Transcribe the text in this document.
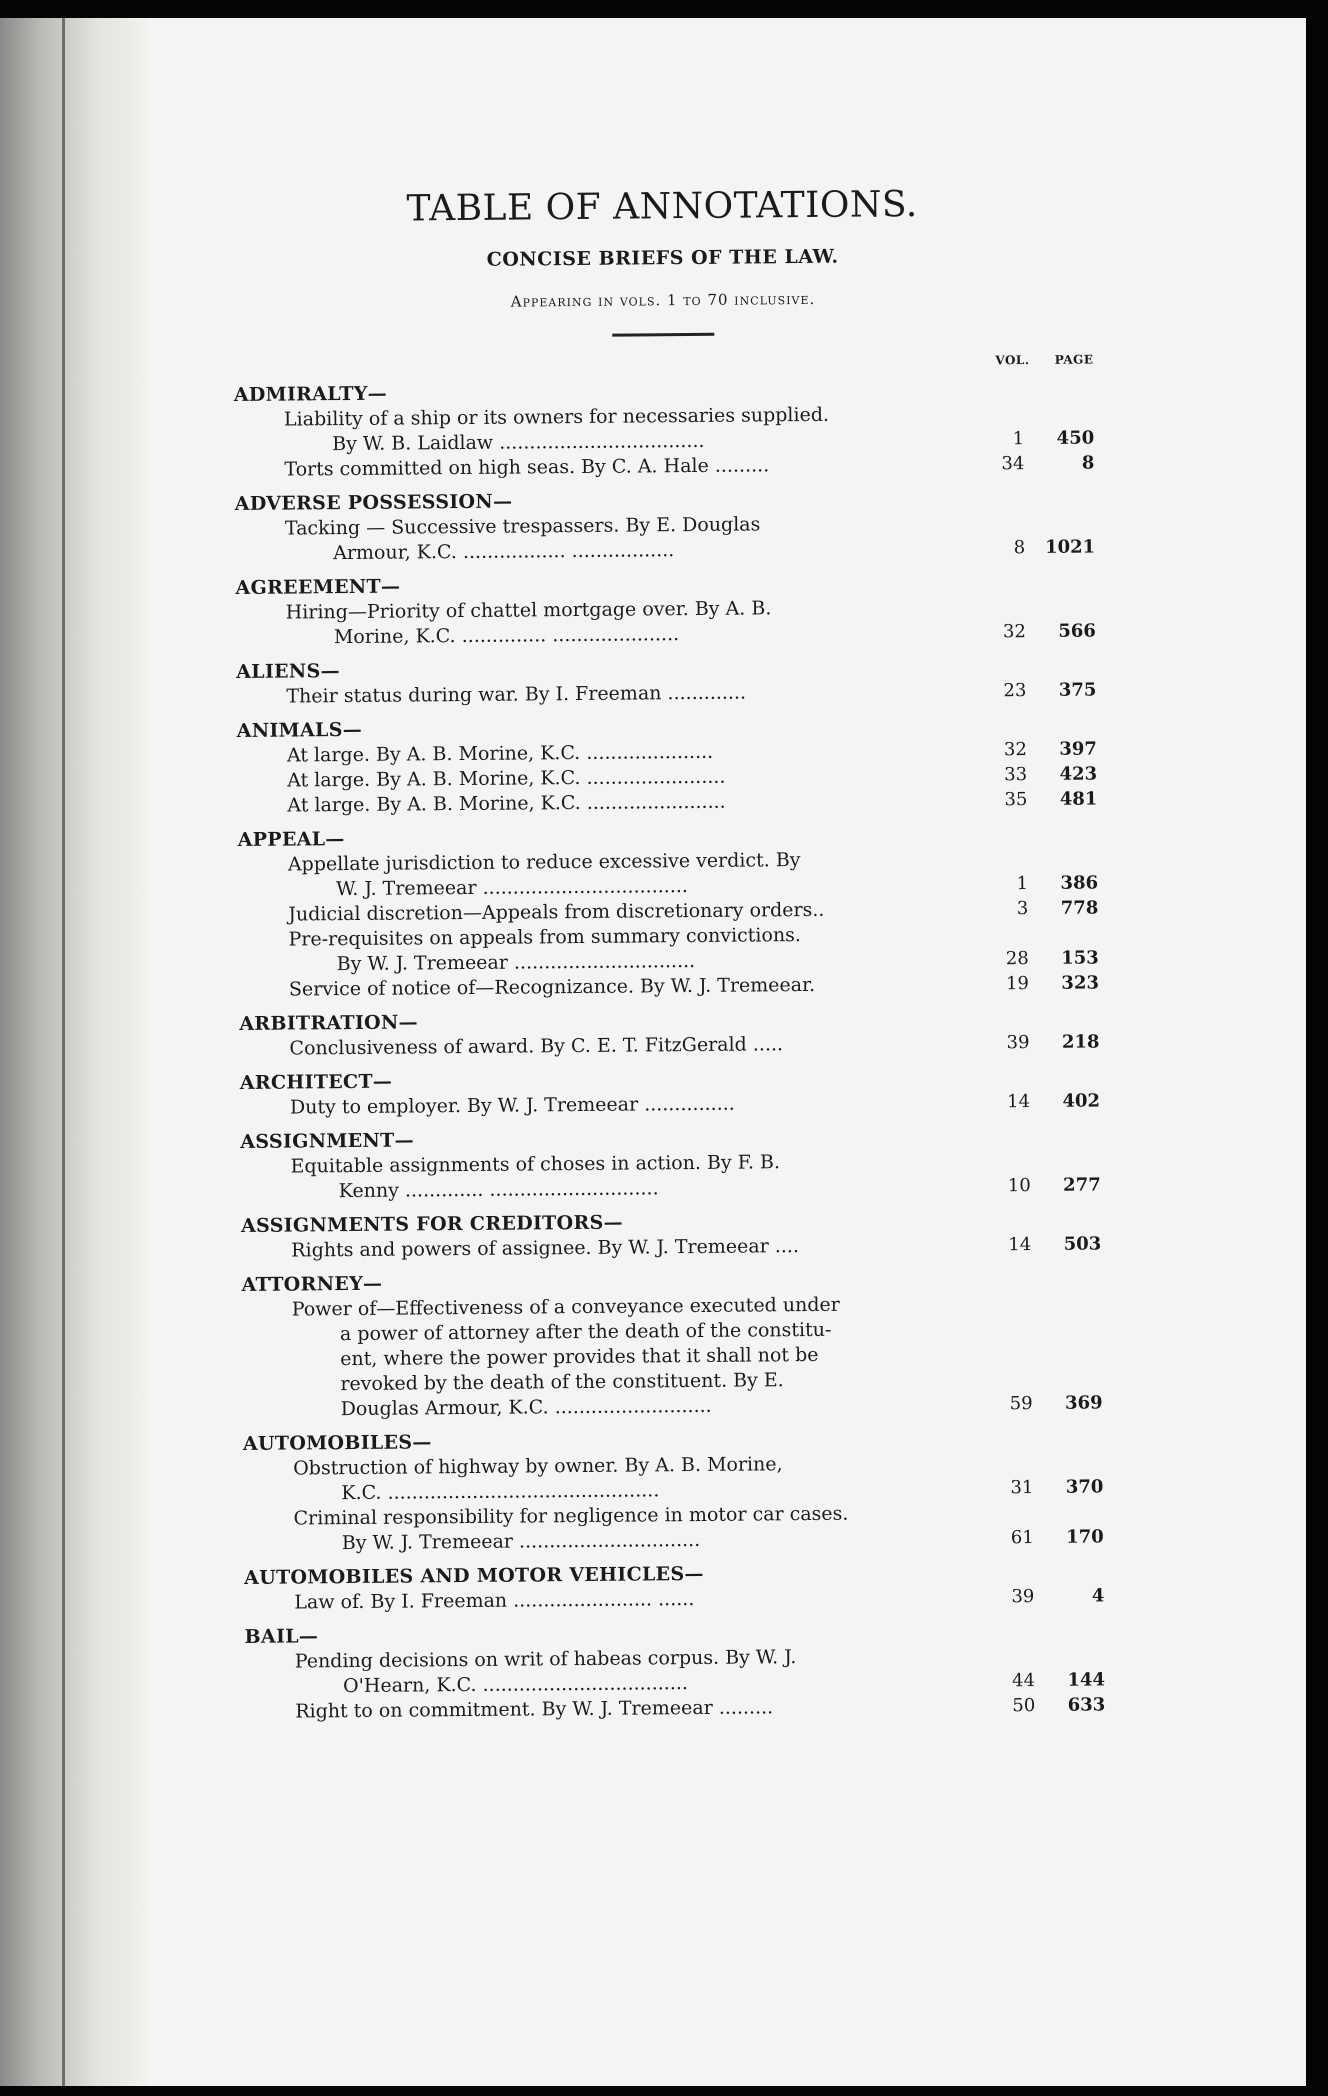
TABLE OF ANNOTATIONS.
CONCISE BRIEFS OF THE LAW.
Appearing in vols. 1 to 70 inclusive.
VOL.	PAGE
ADMIRALTY—
Liability of a ship or its owners for necessaries supplied.
By W. B. Laidlaw ..................................	1	450
Torts committed on high seas. By C. A. Hale .........	34	8
ADVERSE POSSESSION—
Tacking — Successive trespassers. By E. Douglas
Armour, K.C. ................. .................	8	1021
AGREEMENT—
Hiring—Priority of chattel mortgage over. By A. B.
Morine, K.C. .............. .....................	32	566
ALIENS—
Their status during war. By I. Freeman .............	23	375
ANIMALS—
At large. By A. B. Morine, K.C. .....................	32	397
At large. By A. B. Morine, K.C. .......................	33	423
At large. By A. B. Morine, K.C. .......................	35	481
APPEAL—
Appellate jurisdiction to reduce excessive verdict. By
W. J. Tremeear ..................................	1	386
Judicial discretion—Appeals from discretionary orders..	3	778
Pre-requisites on appeals from summary convictions.
By W. J. Tremeear ..............................	28	153
Service of notice of—Recognizance. By W. J. Tremeear.	19	323
ARBITRATION—
Conclusiveness of award. By C. E. T. FitzGerald .....	39	218
ARCHITECT—
Duty to employer. By W. J. Tremeear ...............	14	402
ASSIGNMENT—
Equitable assignments of choses in action. By F. B.
Kenny ............. ............................	10	277
ASSIGNMENTS FOR CREDITORS—
Rights and powers of assignee. By W. J. Tremeear ....	14	503
ATTORNEY—
Power of—Effectiveness of a conveyance executed under
a power of attorney after the death of the constitu-
ent, where the power provides that it shall not be
revoked by the death of the constituent. By E.
Douglas Armour, K.C. ..........................	59	369
AUTOMOBILES—
Obstruction of highway by owner. By A. B. Morine,
K.C. .............................................	31	370
Criminal responsibility for negligence in motor car cases.
By W. J. Tremeear ..............................	61	170
AUTOMOBILES AND MOTOR VEHICLES—
Law of. By I. Freeman ....................... ......	39	4
BAIL—
Pending decisions on writ of habeas corpus. By W. J.
O'Hearn, K.C. ..................................	44	144
Right to on commitment. By W. J. Tremeear .........	50	633
